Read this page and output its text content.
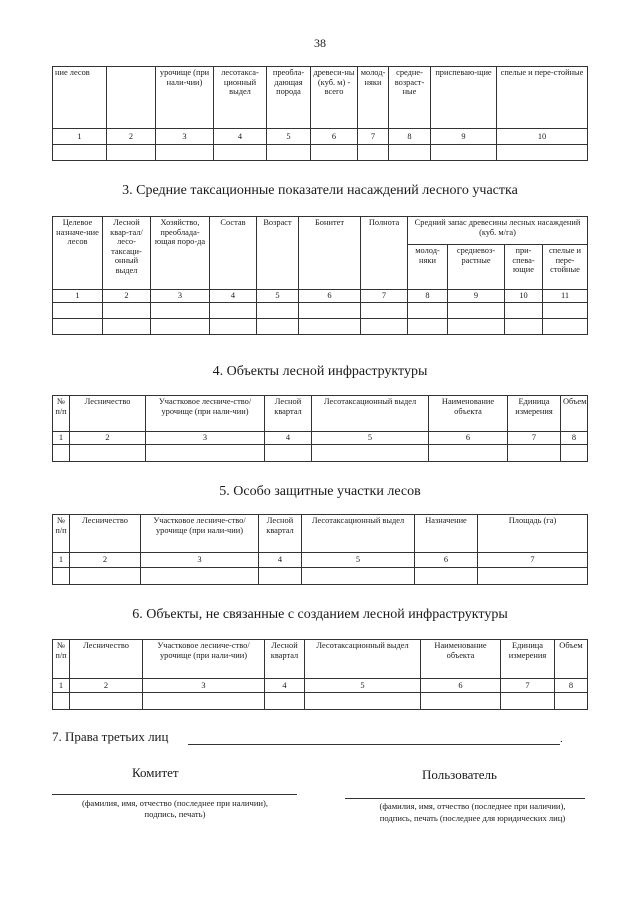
38
ние лесов		урочище (при нали-чии)	лесотакса-ционный выдел	преобла-дающая порода	древеси-ны (куб. м) - всего	молод-няки	средне-возраст-ные	приспеваю-щие	спелые и пере-стойные
1	2	3	4	5	6	7	8	9	10

3. Средние таксационные показатели насаждений лесного участка
Целевое назначе-ние лесов	Лесной квар-тал/лесо-таксаци-онный выдел	Хозяйство, преоблада-ющая поро-да	Состав	Возраст	Бонитет	Полнота	Средний запас древесины лесных насаждений (куб. м/га)			
							молод-няки	средневоз-растные	при-спева-ющие	спелые и пере-стойные
1	2	3	4	5	6	7	8	9	10	11

4. Объекты лесной инфраструктуры
№ п/п	Лесничество	Участковое лесниче-ство/урочище (при нали-чии)	Лесной квартал	Лесотаксационный выдел	Наименование объекта	Единица измерения	Объем
1	2	3	4	5	6	7	8

5. Особо защитные участки лесов
№ п/п	Лесничество	Участковое лесниче-ство/урочище (при нали-чии)	Лесной квартал	Лесотаксационный выдел	Назначение	Площадь (га)
1	2	3	4	5	6	7

6. Объекты, не связанные с созданием лесной инфраструктуры
№ п/п	Лесничество	Участковое лесниче-ство/урочище (при нали-чии)	Лесной квартал	Лесотаксационный выдел	Наименование объекта	Единица измерения	Объем
1	2	3	4	5	6	7	8

7. Права третьих лиц	.
Комитет
(фамилия, имя, отчество (последнее при наличии),
подпись, печать)
Пользователь
(фамилия, имя, отчество (последнее при наличии),
подпись, печать (последнее для юридических лиц)
